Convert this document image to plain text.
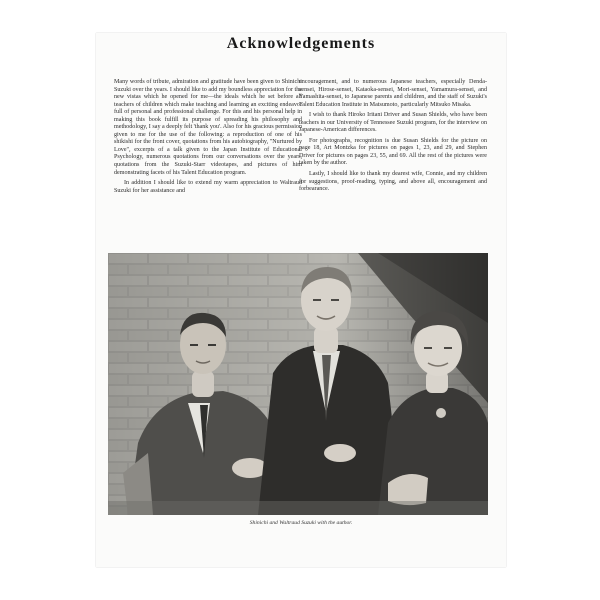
Acknowledgements

Many words of tribute, admiration and gratitude have been given to Shinichi Suzuki over the years. I should like to add my boundless appreciation for the new vistas which he opened for me—the ideals which he set before all teachers of children which make teaching and learning an exciting endeavor full of personal and professional challenge. For this and his personal help in making this book fulfill its purpose of spreading his philosophy and methodology, I say a deeply felt 'thank you'. Also for his gracious permission given to me for the use of the following: a reproduction of one of his shikishi for the front cover, quotations from his autobiography, "Nurtured by Love", excerpts of a talk given to the Japan Institute of Educational Psychology, numerous quotations from our conversations over the years, quotations from the Suzuki-Starr videotapes, and pictures of him demonstrating facets of his Talent Education program.

In addition I should like to extend my warm appreciation to Waltraud Suzuki for her assistance and

encouragement, and to numerous Japanese teachers, especially Denda-sensei, Hirose-sensei, Kataoka-sensei, Mori-sensei, Yamamura-sensei, and Yamashita-sensei, to Japanese parents and children, and the staff of Suzuki's Talent Education Institute in Matsumoto, particularly Mitsuko Misaka.

I wish to thank Hiroko Iritani Driver and Susan Shields, who have been teachers in our University of Tennessee Suzuki program, for the interview on Japanese-American differences.

For photographs, recognition is due Susan Shields for the picture on page 18, Art Montzka for pictures on pages 1, 23, and 29, and Stephen Driver for pictures on pages 23, 55, and 69. All the rest of the pictures were taken by the author.

Lastly, I should like to thank my dearest wife, Connie, and my children for suggestions, proof-reading, typing, and above all, encouragement and forbearance.

Shinichi and Waltraud Suzuki with the author.
